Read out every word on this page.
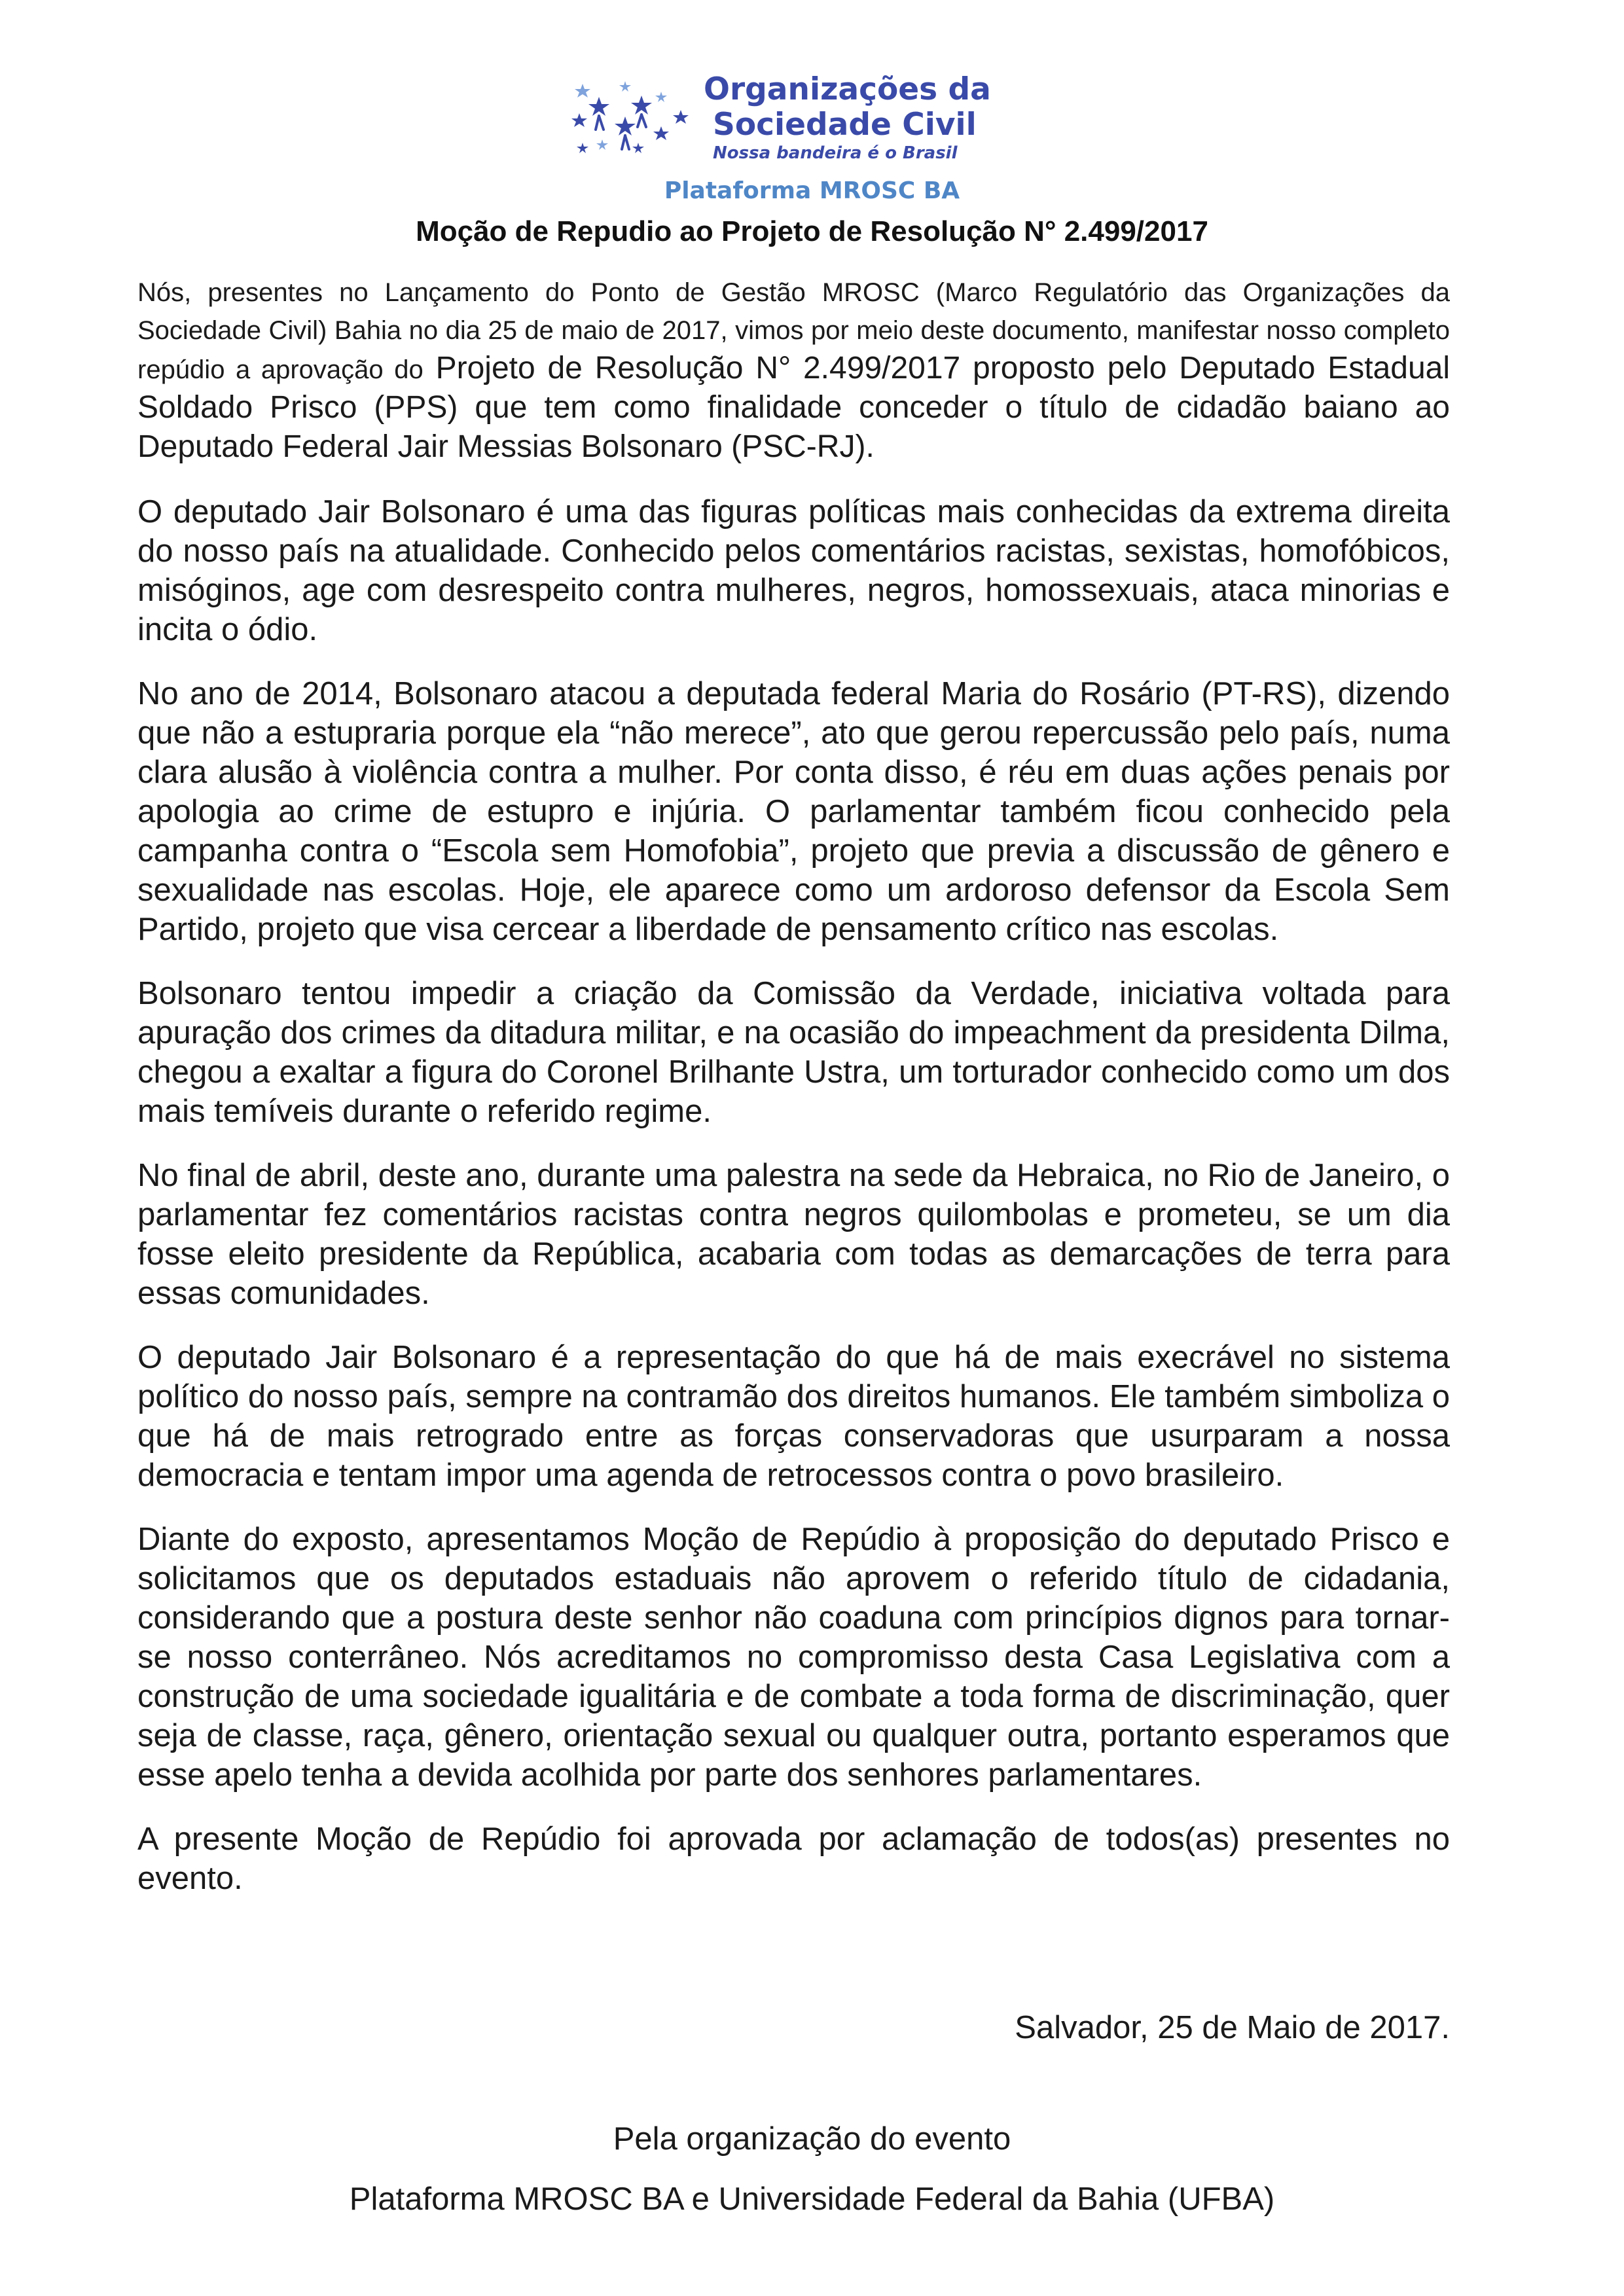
Organizações da
Sociedade Civil
Nossa bandeira é o Brasil
Plataforma MROSC BA
Moção de Repudio ao Projeto de Resolução N° 2.499/2017

Nós, presentes no Lançamento do Ponto de Gestão MROSC (Marco Regulatório das Organizações da Sociedade Civil) Bahia no dia 25 de maio de 2017, vimos por meio deste documento, manifestar nosso completo repúdio a aprovação do Projeto de Resolução N° 2.499/2017 proposto pelo Deputado Estadual Soldado Prisco (PPS) que tem como finalidade conceder o título de cidadão baiano ao Deputado Federal Jair Messias Bolsonaro (PSC-RJ).

O deputado Jair Bolsonaro é uma das figuras políticas mais conhecidas da extrema direita do nosso país na atualidade. Conhecido pelos comentários racistas, sexistas, homofóbicos, misóginos, age com desrespeito contra mulheres, negros, homossexuais, ataca minorias e incita o ódio.

No ano de 2014, Bolsonaro atacou a deputada federal Maria do Rosário (PT-RS), dizendo que não a estupraria porque ela “não merece”, ato que gerou repercussão pelo país, numa clara alusão à violência contra a mulher. Por conta disso, é réu em duas ações penais por apologia ao crime de estupro e injúria. O parlamentar também ficou conhecido pela campanha contra o “Escola sem Homofobia”, projeto que previa a discussão de gênero e sexualidade nas escolas. Hoje, ele aparece como um ardoroso defensor da Escola Sem Partido, projeto que visa cercear a liberdade de pensamento crítico nas escolas.

Bolsonaro tentou impedir a criação da Comissão da Verdade, iniciativa voltada para apuração dos crimes da ditadura militar, e na ocasião do impeachment da presidenta Dilma, chegou a exaltar a figura do Coronel Brilhante Ustra, um torturador conhecido como um dos mais temíveis durante o referido regime.

No final de abril, deste ano, durante uma palestra na sede da Hebraica, no Rio de Janeiro, o parlamentar fez comentários racistas contra negros quilombolas e prometeu, se um dia fosse eleito presidente da República, acabaria com todas as demarcações de terra para essas comunidades.

O deputado Jair Bolsonaro é a representação do que há de mais execrável no sistema político do nosso país, sempre na contramão dos direitos humanos. Ele também simboliza o que há de mais retrogrado entre as forças conservadoras que usurparam a nossa democracia e tentam impor uma agenda de retrocessos contra o povo brasileiro.

Diante do exposto, apresentamos Moção de Repúdio à proposição do deputado Prisco e solicitamos que os deputados estaduais não aprovem o referido título de cidadania, considerando que a postura deste senhor não coaduna com princípios dignos para tornar-se nosso conterrâneo. Nós acreditamos no compromisso desta Casa Legislativa com a construção de uma sociedade igualitária e de combate a toda forma de discriminação, quer seja de classe, raça, gênero, orientação sexual ou qualquer outra, portanto esperamos que esse apelo tenha a devida acolhida por parte dos senhores parlamentares.

A presente Moção de Repúdio foi aprovada por aclamação de todos(as) presentes no evento.

Salvador, 25 de Maio de 2017.
Pela organização do evento
Plataforma MROSC BA e Universidade Federal da Bahia (UFBA)
